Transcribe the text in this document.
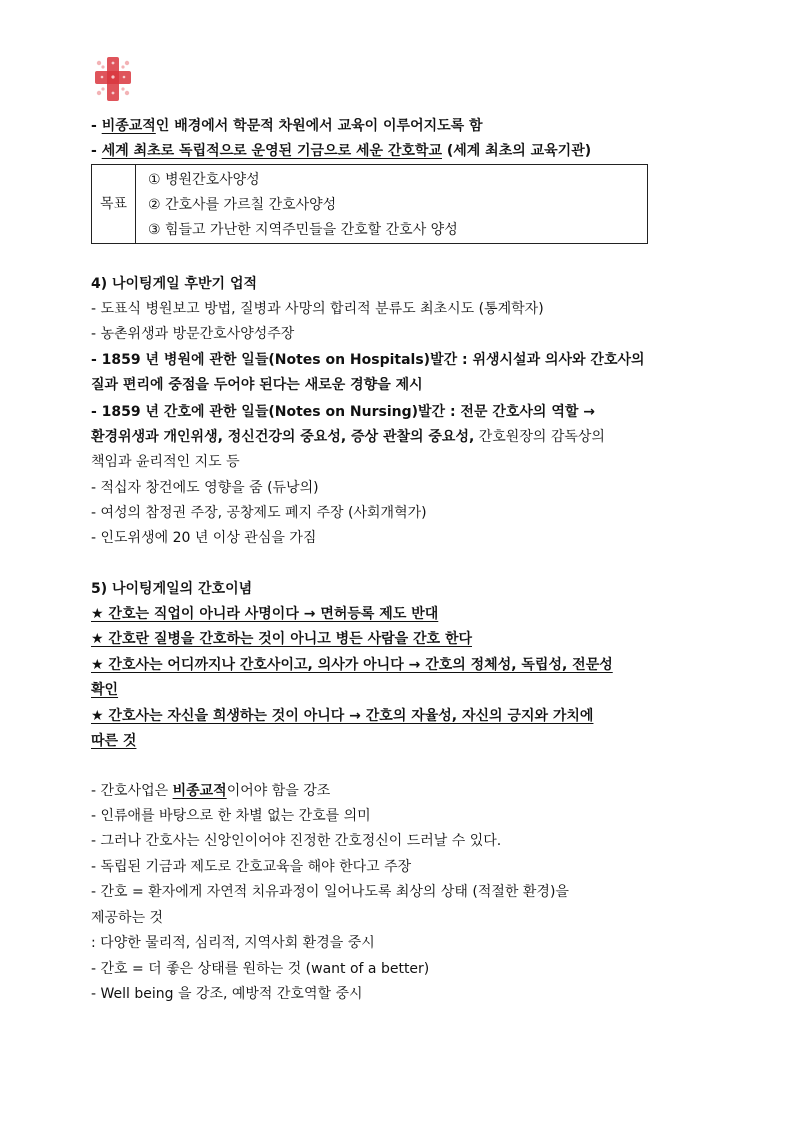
- 비종교적인 배경에서 학문적 차원에서 교육이 이루어지도록 함
- 세계 최초로 독립적으로 운영된 기금으로 세운 간호학교 (세계 최초의 교육기관)
목표
① 병원간호사양성
② 간호사를 가르칠 간호사양성
③ 힘들고 가난한 지역주민들을 간호할 간호사 양성
4) 나이팅게일 후반기 업적
- 도표식 병원보고 방법, 질병과 사망의 합리적 분류도 최초시도 (통계학자)
- 농촌위생과 방문간호사양성주장
- 1859 년 병원에 관한 일들(Notes on Hospitals)발간 : 위생시설과 의사와 간호사의
질과 편리에 중점을 두어야 된다는 새로운 경향을 제시
- 1859 년 간호에 관한 일들(Notes on Nursing)발간 : 전문 간호사의 역할 →
환경위생과 개인위생, 정신건강의 중요성, 증상 관찰의 중요성, 간호원장의 감독상의
책임과 윤리적인 지도 등
- 적십자 창건에도 영향을 줌 (듀낭의)
- 여성의 참정권 주장, 공창제도 폐지 주장 (사회개혁가)
- 인도위생에 20 년 이상 관심을 가짐
5) 나이팅게일의 간호이념
★ 간호는 직업이 아니라 사명이다 → 면허등록 제도 반대
★ 간호란 질병을 간호하는 것이 아니고 병든 사람을 간호 한다
★ 간호사는 어디까지나 간호사이고, 의사가 아니다 → 간호의 정체성, 독립성, 전문성
확인
★ 간호사는 자신을 희생하는 것이 아니다 → 간호의 자율성, 자신의 긍지와 가치에
따른 것
- 간호사업은 비종교적이어야 함을 강조
- 인류애를 바탕으로 한 차별 없는 간호를 의미
- 그러나 간호사는 신앙인이어야 진정한 간호정신이 드러날 수 있다.
- 독립된 기금과 제도로 간호교육을 해야 한다고 주장
- 간호 = 환자에게 자연적 치유과정이 일어나도록 최상의 상태 (적절한 환경)을
제공하는 것
: 다양한 물리적, 심리적, 지역사회 환경을 중시
- 간호 = 더 좋은 상태를 원하는 것 (want of a better)
- Well being 을 강조, 예방적 간호역할 중시
